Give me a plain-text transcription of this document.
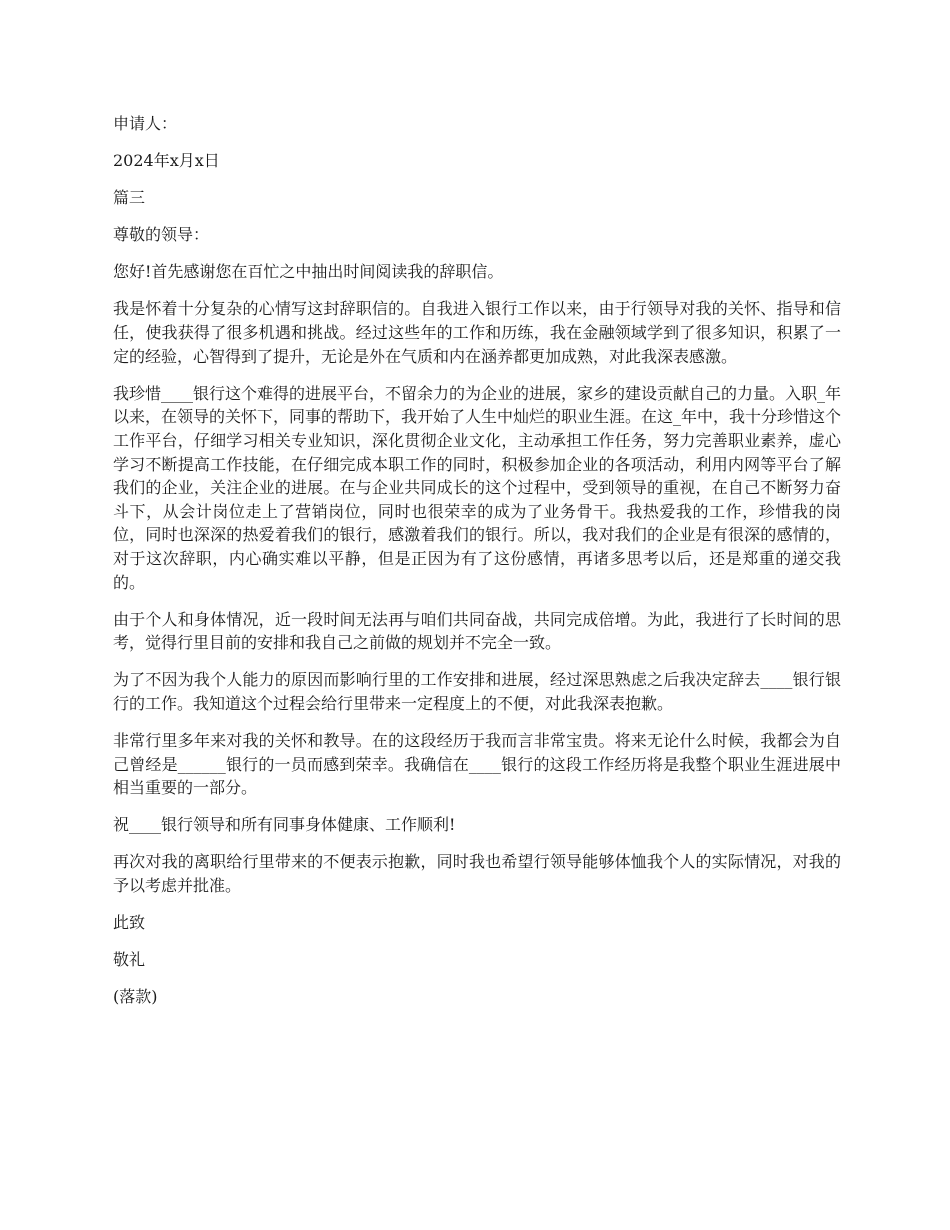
申请人：

2024年x月x日

篇三

尊敬的领导：

您好!首先感谢您在百忙之中抽出时间阅读我的辞职信。

我是怀着十分复杂的心情写这封辞职信的。自我进入银行工作以来，由于行领导对我的关怀、指导和信任，使我获得了很多机遇和挑战。经过这些年的工作和历练，我在金融领域学到了很多知识，积累了一定的经验，心智得到了提升，无论是外在气质和内在涵养都更加成熟，对此我深表感激。

我珍惜____银行这个难得的进展平台，不留余力的为企业的进展，家乡的建设贡献自己的力量。入职_年以来，在领导的关怀下，同事的帮助下，我开始了人生中灿烂的职业生涯。在这_年中，我十分珍惜这个工作平台，仔细学习相关专业知识，深化贯彻企业文化，主动承担工作任务，努力完善职业素养，虚心学习不断提高工作技能，在仔细完成本职工作的同时，积极参加企业的各项活动，利用内网等平台了解我们的企业，关注企业的进展。在与企业共同成长的这个过程中，受到领导的重视，在自己不断努力奋斗下，从会计岗位走上了营销岗位，同时也很荣幸的成为了业务骨干。我热爱我的工作，珍惜我的岗位，同时也深深的热爱着我们的银行，感激着我们的银行。所以，我对我们的企业是有很深的感情的，对于这次辞职，内心确实难以平静，但是正因为有了这份感情，再诸多思考以后，还是郑重的递交我的。

由于个人和身体情况，近一段时间无法再与咱们共同奋战，共同完成倍增。为此，我进行了长时间的思考，觉得行里目前的安排和我自己之前做的规划并不完全一致。

为了不因为我个人能力的原因而影响行里的工作安排和进展，经过深思熟虑之后我决定辞去____银行银行的工作。我知道这个过程会给行里带来一定程度上的不便，对此我深表抱歉。

非常行里多年来对我的关怀和教导。在的这段经历于我而言非常宝贵。将来无论什么时候，我都会为自己曾经是______银行的一员而感到荣幸。我确信在____银行的这段工作经历将是我整个职业生涯进展中相当重要的一部分。

祝____银行领导和所有同事身体健康、工作顺利!

再次对我的离职给行里带来的不便表示抱歉，同时我也希望行领导能够体恤我个人的实际情况，对我的予以考虑并批准。

此致

敬礼

(落款)
